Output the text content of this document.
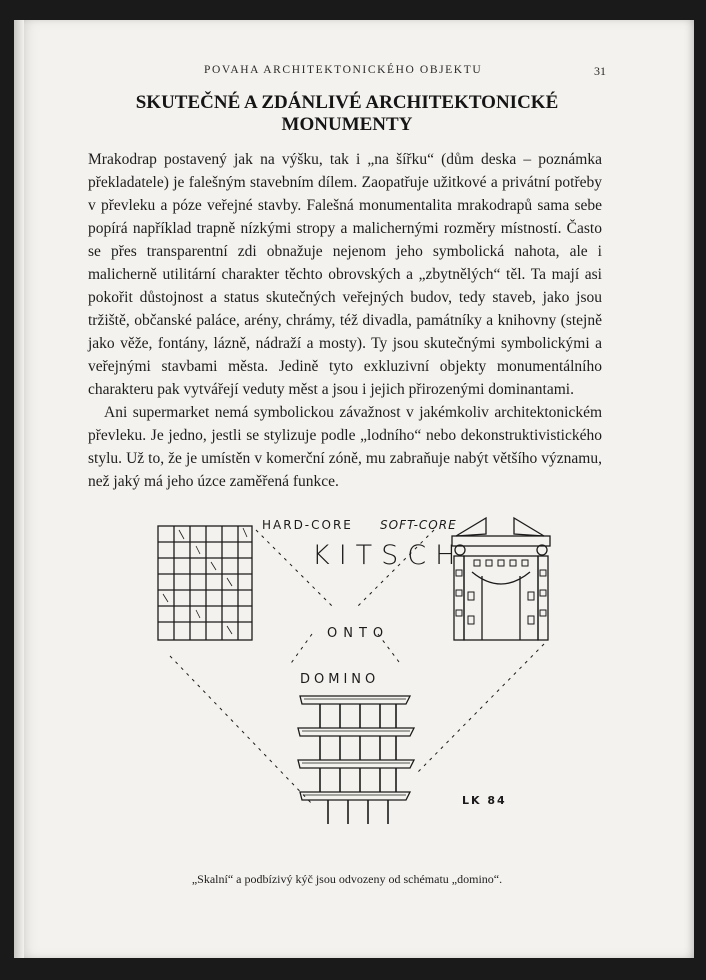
POVAHA ARCHITEKTONICKÉHO OBJEKTU	31
SKUTEČNÉ A ZDÁNLIVÉ ARCHITEKTONICKÉ MONUMENTY

Mrakodrap postavený jak na výšku, tak i „na šířku“ (dům deska – poznámka překladatele) je falešným stavebním dílem. Zaopatřuje užitkové a privátní potřeby v převleku a póze veřejné stavby. Falešná monumentalita mrakodrapů sama sebe popírá například trapně nízkými stropy a malichernými rozměry místností. Často se přes transparentní zdi obnažuje nejenom jeho symbolická nahota, ale i malicherně utilitární charakter těchto obrovských a „zbytnělých“ těl. Ta mají asi pokořit důstojnost a status skutečných veřejných budov, tedy staveb, jako jsou tržiště, občanské paláce, arény, chrámy, též divadla, památníky a knihovny (stejně jako věže, fontány, lázně, nádraží a mosty). Ty jsou skutečnými symbolickými a veřejnými stavbami města. Jedině tyto exkluzivní objekty monumentálního charakteru pak vytvářejí veduty měst a jsou i jejich přirozenými dominantami.

Ani supermarket nemá symbolickou závažnost v jakémkoliv architektonickém převleku. Je jedno, jestli se stylizuje podle „lodního“ nebo dekonstruktivistického stylu. Už to, že je umístěn v komerční zóně, mu zabraňuje nabýt většího významu, než jaký má jeho úzce zaměřená funkce.

HARD-CORE SOFT-CORE
KITSCH
ONTO
DOMINO
LK 84
„Skalní“ a podbízivý kýč jsou odvozeny od schématu „domino“.
